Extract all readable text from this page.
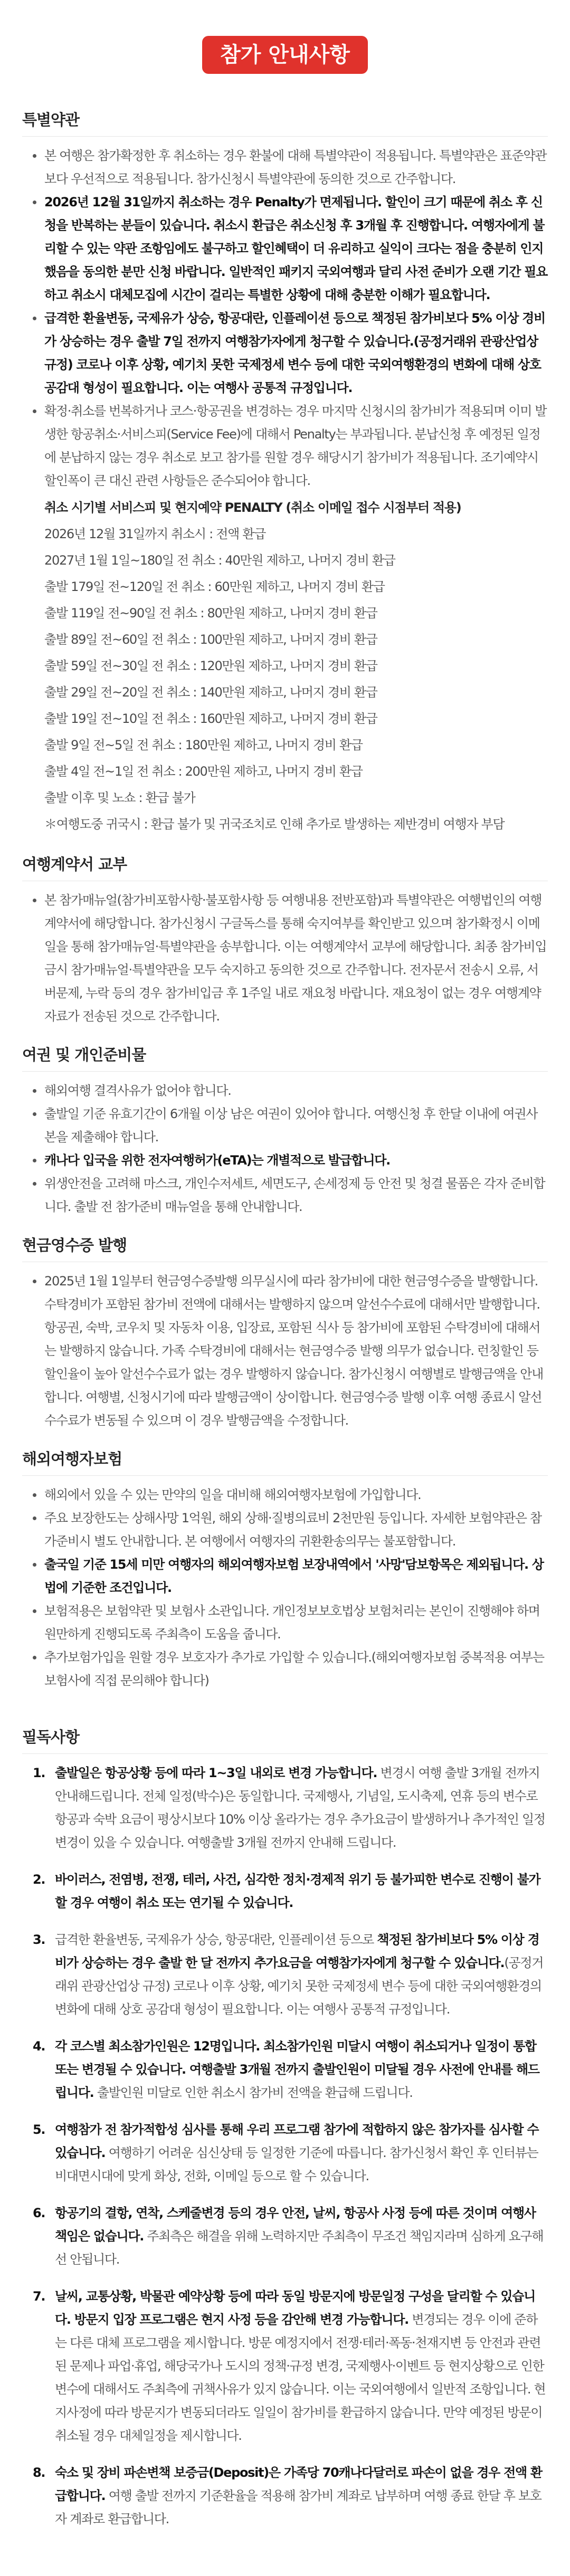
참가 안내사항
특별약관
본 여행은 참가확정한 후 취소하는 경우 환불에 대해 특별약관이 적용됩니다. 특별약관은 표준약관보다 우선적으로 적용됩니다. 참가신청시 특별약관에 동의한 것으로 간주합니다.
2026년 12월 31일까지 취소하는 경우 Penalty가 면제됩니다. 할인이 크기 때문에 취소 후 신청을 반복하는 분들이 있습니다. 취소시 환급은 취소신청 후 3개월 후 진행합니다. 여행자에게 불리할 수 있는 약관 조항임에도 불구하고 할인혜택이 더 유리하고 실익이 크다는 점을 충분히 인지했음을 동의한 분만 신청 바랍니다. 일반적인 패키지 국외여행과 달리 사전 준비가 오랜 기간 필요하고 취소시 대체모집에 시간이 걸리는 특별한 상황에 대해 충분한 이해가 필요합니다.
급격한 환율변동, 국제유가 상승, 항공대란, 인플레이션 등으로 책정된 참가비보다 5% 이상 경비가 상승하는 경우 출발 7일 전까지 여행참가자에게 청구할 수 있습니다.(공정거래위 관광산업상 규정) 코로나 이후 상황, 예기치 못한 국제정세 변수 등에 대한 국외여행환경의 변화에 대해 상호 공감대 형성이 필요합니다. 이는 여행사 공통적 규정입니다.
확정·취소를 번복하거나 코스·항공권을 변경하는 경우 마지막 신청시의 참가비가 적용되며 이미 발생한 항공취소·서비스피(Service Fee)에 대해서 Penalty는 부과됩니다. 분납신청 후 예정된 일정에 분납하지 않는 경우 취소로 보고 참가를 원할 경우 해당시기 참가비가 적용됩니다. 조기예약시 할인폭이 큰 대신 관련 사항들은 준수되어야 합니다.
취소 시기별 서비스피 및 현지예약 PENALTY (취소 이메일 접수 시점부터 적용)
2026년 12월 31일까지 취소시 : 전액 환급
2027년 1월 1일~180일 전 취소 : 40만원 제하고, 나머지 경비 환급
출발 179일 전~120일 전 취소 : 60만원 제하고, 나머지 경비 환급
출발 119일 전~90일 전 취소 : 80만원 제하고, 나머지 경비 환급
출발 89일 전~60일 전 취소 : 100만원 제하고, 나머지 경비 환급
출발 59일 전~30일 전 취소 : 120만원 제하고, 나머지 경비 환급
출발 29일 전~20일 전 취소 : 140만원 제하고, 나머지 경비 환급
출발 19일 전~10일 전 취소 : 160만원 제하고, 나머지 경비 환급
출발 9일 전~5일 전 취소 : 180만원 제하고, 나머지 경비 환급
출발 4일 전~1일 전 취소 : 200만원 제하고, 나머지 경비 환급
출발 이후 및 노쇼 : 환급 불가
＊여행도중 귀국시 : 환급 불가 및 귀국조치로 인해 추가로 발생하는 제반경비 여행자 부담
여행계약서 교부
본 참가매뉴얼(참가비포함사항·불포함사항 등 여행내용 전반포함)과 특별약관은 여행법인의 여행계약서에 해당합니다. 참가신청시 구글독스를 통해 숙지여부를 확인받고 있으며 참가확정시 이메일을 통해 참가매뉴얼·특별약관을 송부합니다. 이는 여행계약서 교부에 해당합니다. 최종 참가비입금시 참가매뉴얼·특별약관을 모두 숙지하고 동의한 것으로 간주합니다. 전자문서 전송시 오류, 서버문제, 누락 등의 경우 참가비입금 후 1주일 내로 재요청 바랍니다. 재요청이 없는 경우 여행계약 자료가 전송된 것으로 간주합니다.
여권 및 개인준비물
해외여행 결격사유가 없어야 합니다.
출발일 기준 유효기간이 6개월 이상 남은 여권이 있어야 합니다. 여행신청 후 한달 이내에 여권사본을 제출해야 합니다.
캐나다 입국을 위한 전자여행허가(eTA)는 개별적으로 발급합니다.
위생안전을 고려해 마스크, 개인수저세트, 세면도구, 손세정제 등 안전 및 청결 물품은 각자 준비합니다. 출발 전 참가준비 매뉴얼을 통해 안내합니다.
현금영수증 발행
2025년 1월 1일부터 현금영수증발행 의무실시에 따라 참가비에 대한 현금영수증을 발행합니다. 수탁경비가 포함된 참가비 전액에 대해서는 발행하지 않으며 알선수수료에 대해서만 발행합니다. 항공권, 숙박, 코우치 및 자동차 이용, 입장료, 포함된 식사 등 참가비에 포함된 수탁경비에 대해서는 발행하지 않습니다. 가족 수탁경비에 대해서는 현금영수증 발행 의무가 없습니다. 런칭할인 등 할인율이 높아 알선수수료가 없는 경우 발행하지 않습니다. 참가신청시 여행별로 발행금액을 안내합니다. 여행별, 신청시기에 따라 발행금액이 상이합니다. 현금영수증 발행 이후 여행 종료시 알선수수료가 변동될 수 있으며 이 경우 발행금액을 수정합니다.
해외여행자보험
해외에서 있을 수 있는 만약의 일을 대비해 해외여행자보험에 가입합니다.
주요 보장한도는 상해사망 1억원, 해외 상해·질병의료비 2천만원 등입니다. 자세한 보험약관은 참가준비시 별도 안내합니다. 본 여행에서 여행자의 귀환환송의무는 불포함합니다.
출국일 기준 15세 미만 여행자의 해외여행자보험 보장내역에서 '사망'담보항목은 제외됩니다. 상법에 기준한 조건입니다.
보험적용은 보험약관 및 보험사 소관입니다. 개인정보보호법상 보험처리는 본인이 진행해야 하며 원만하게 진행되도록 주최측이 도움을 줍니다.
추가보험가입을 원할 경우 보호자가 추가로 가입할 수 있습니다.(해외여행자보험 중복적용 여부는 보험사에 직접 문의해야 합니다)
필독사항
1. 출발일은 항공상황 등에 따라 1~3일 내외로 변경 가능합니다. 변경시 여행 출발 3개월 전까지 안내해드립니다. 전체 일정(박수)은 동일합니다. 국제행사, 기념일, 도시축제, 연휴 등의 변수로 항공과 숙박 요금이 평상시보다 10% 이상 올라가는 경우 추가요금이 발생하거나 추가적인 일정변경이 있을 수 있습니다. 여행출발 3개월 전까지 안내해 드립니다.
2. 바이러스, 전염병, 전쟁, 테러, 사건, 심각한 정치·경제적 위기 등 불가피한 변수로 진행이 불가할 경우 여행이 취소 또는 연기될 수 있습니다.
3. 급격한 환율변동, 국제유가 상승, 항공대란, 인플레이션 등으로 책정된 참가비보다 5% 이상 경비가 상승하는 경우 출발 한 달 전까지 추가요금을 여행참가자에게 청구할 수 있습니다.(공정거래위 관광산업상 규정) 코로나 이후 상황, 예기치 못한 국제정세 변수 등에 대한 국외여행환경의 변화에 대해 상호 공감대 형성이 필요합니다. 이는 여행사 공통적 규정입니다.
4. 각 코스별 최소참가인원은 12명입니다. 최소참가인원 미달시 여행이 취소되거나 일정이 통합 또는 변경될 수 있습니다. 여행출발 3개월 전까지 출발인원이 미달될 경우 사전에 안내를 해드립니다. 출발인원 미달로 인한 취소시 참가비 전액을 환급해 드립니다.
5. 여행참가 전 참가적합성 심사를 통해 우리 프로그램 참가에 적합하지 않은 참가자를 심사할 수 있습니다. 여행하기 어려운 심신상태 등 일정한 기준에 따릅니다. 참가신청서 확인 후 인터뷰는 비대면시대에 맞게 화상, 전화, 이메일 등으로 할 수 있습니다.
6. 항공기의 결항, 연착, 스케줄변경 등의 경우 안전, 날씨, 항공사 사정 등에 따른 것이며 여행사 책임은 없습니다. 주최측은 해결을 위해 노력하지만 주최측이 무조건 책임지라며 심하게 요구해선 안됩니다.
7. 날씨, 교통상황, 박물관 예약상황 등에 따라 동일 방문지에 방문일정 구성을 달리할 수 있습니다. 방문지 입장 프로그램은 현지 사정 등을 감안해 변경 가능합니다. 변경되는 경우 이에 준하는 다른 대체 프로그램을 제시합니다. 방문 예정지에서 전쟁·테러·폭동·천재지변 등 안전과 관련된 문제나 파업·휴업, 해당국가나 도시의 정책·규정 변경, 국제행사·이벤트 등 현지상황으로 인한 변수에 대해서도 주최측에 귀책사유가 있지 않습니다. 이는 국외여행에서 일반적 조항입니다. 현지사정에 따라 방문지가 변동되더라도 일일이 참가비를 환급하지 않습니다. 만약 예정된 방문이 취소될 경우 대체일정을 제시합니다.
8. 숙소 및 장비 파손변책 보증금(Deposit)은 가족당 70캐나다달러로 파손이 없을 경우 전액 환급합니다. 여행 출발 전까지 기준환율을 적용해 참가비 계좌로 납부하며 여행 종료 한달 후 보호자 계좌로 환급합니다.
